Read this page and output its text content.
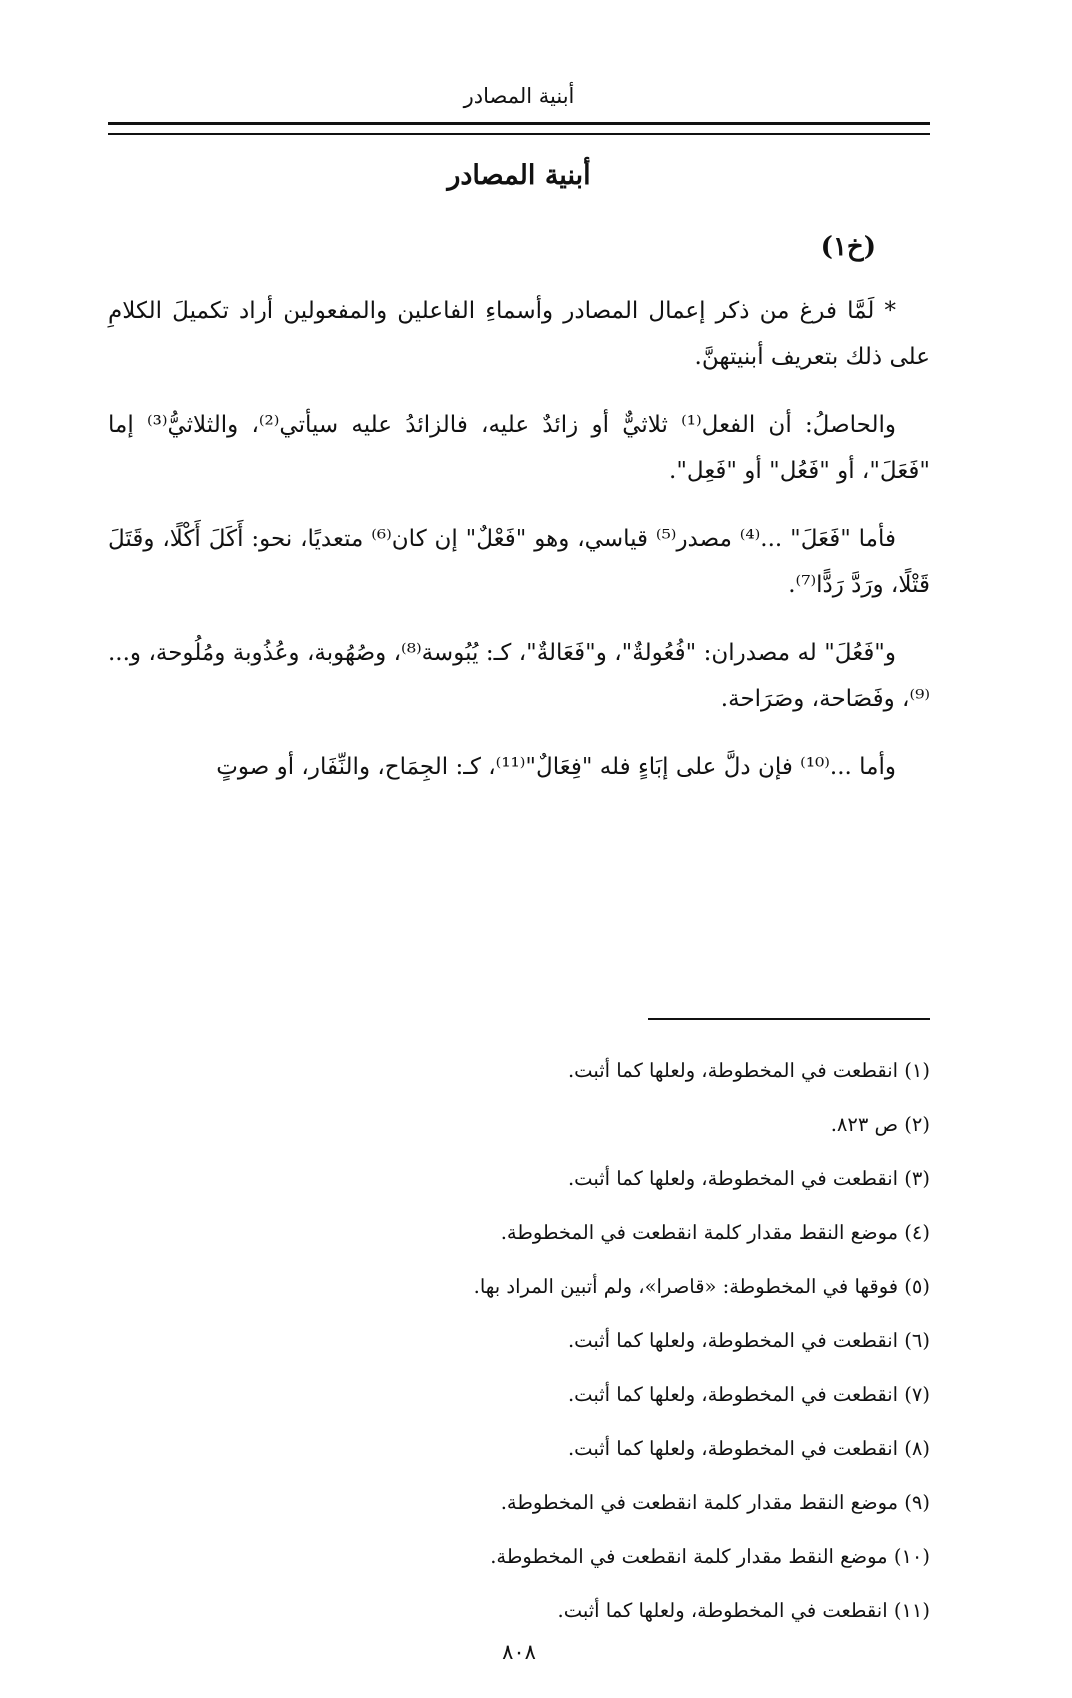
أبنية المصادر
أبنية المصادر
(خ١)

* لَمَّا فرغ من ذكر إعمال المصادر وأسماءِ الفاعلين والمفعولين أراد تكميلَ الكلامِ على ذلك بتعريف أبنيتهنَّ.

والحاصلُ: أن الفعل⁽¹⁾ ثلاثيٌّ أو زائدٌ عليه، فالزائدُ عليه سيأتي⁽²⁾، والثلاثيُّ⁽³⁾ إما "فَعَلَ"، أو "فَعُل" أو "فَعِل".

فأما "فَعَلَ" ...⁽⁴⁾ مصدر⁽⁵⁾ قياسي، وهو "فَعْلٌ" إن كان⁽⁶⁾ متعديًا، نحو: أَكَلَ أَكْلًا، وقَتَلَ قَتْلًا، ورَدَّ رَدًّا⁽⁷⁾.

و"فَعُلَ" له مصدران: "فُعُولةٌ"، و"فَعَالةٌ"، كـ: يُبُوسة⁽⁸⁾، وصُهُوبة، وعُذُوبة ومُلُوحة، و...⁽⁹⁾، وفَصَاحة، وصَرَاحة.

وأما ...⁽¹⁰⁾ فإن دلَّ على إبَاءٍ فله "فِعَالٌ"⁽¹¹⁾، كـ: الجِمَاح، والنِّفَار، أو صوتٍ

(١) انقطعت في المخطوطة، ولعلها كما أثبت.
(٢) ص ٨٢٣.
(٣) انقطعت في المخطوطة، ولعلها كما أثبت.
(٤) موضع النقط مقدار كلمة انقطعت في المخطوطة.
(٥) فوقها في المخطوطة: «قاصرا»، ولم أتبين المراد بها.
(٦) انقطعت في المخطوطة، ولعلها كما أثبت.
(٧) انقطعت في المخطوطة، ولعلها كما أثبت.
(٨) انقطعت في المخطوطة، ولعلها كما أثبت.
(٩) موضع النقط مقدار كلمة انقطعت في المخطوطة.
(١٠) موضع النقط مقدار كلمة انقطعت في المخطوطة.
(١١) انقطعت في المخطوطة، ولعلها كما أثبت.
٨٠٨
